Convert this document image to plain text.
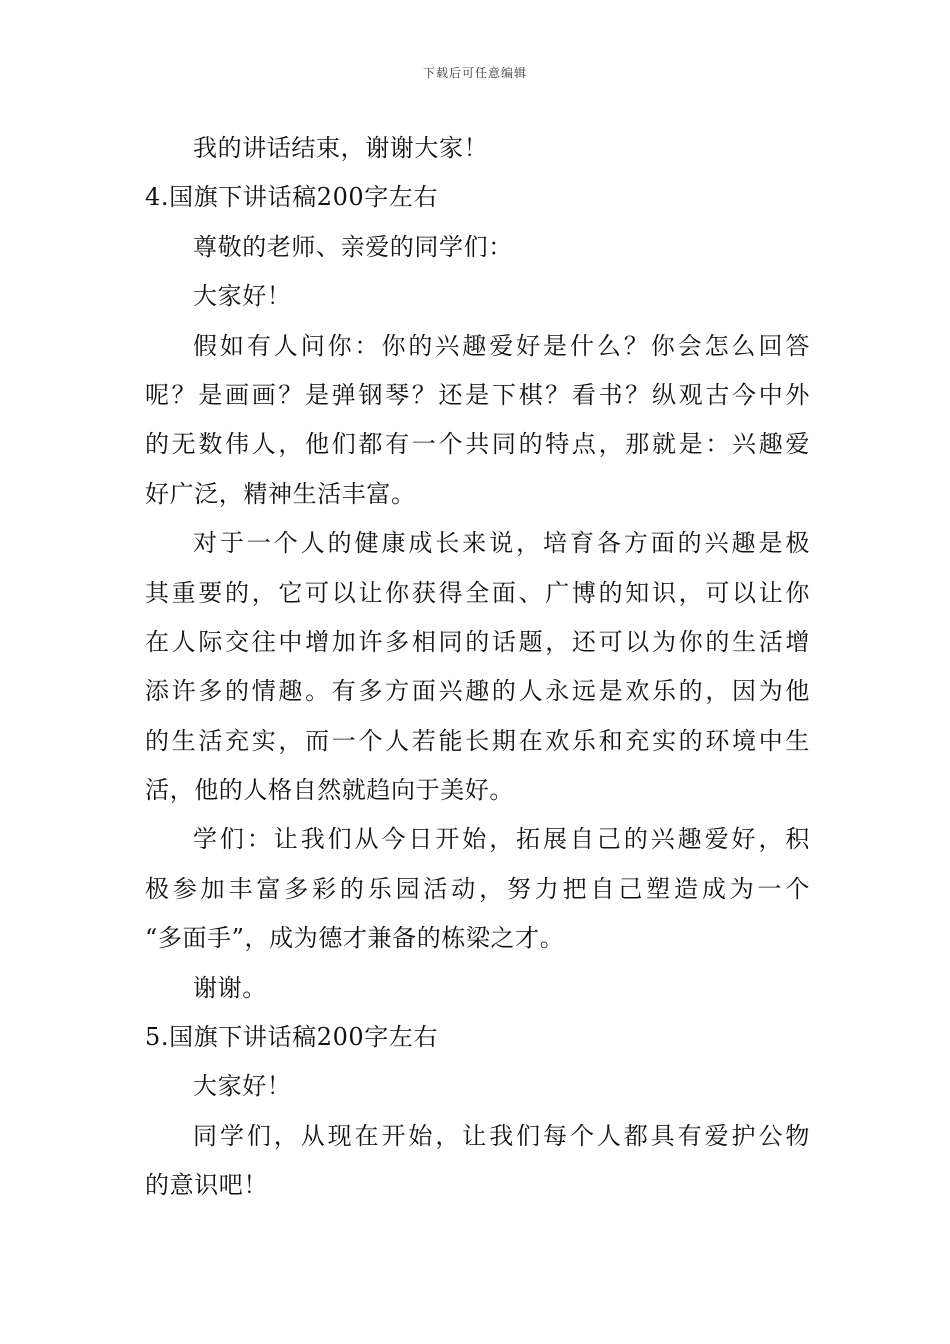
下载后可任意编辑
我的讲话结束，谢谢大家！
4.国旗下讲话稿200字左右
尊敬的老师、亲爱的同学们：
大家好！
假如有人问你：你的兴趣爱好是什么？你会怎么回答
呢？是画画？是弹钢琴？还是下棋？看书？纵观古今中外
的无数伟人，他们都有一个共同的特点，那就是：兴趣爱
好广泛，精神生活丰富。
对于一个人的健康成长来说，培育各方面的兴趣是极
其重要的，它可以让你获得全面、广博的知识，可以让你
在人际交往中增加许多相同的话题，还可以为你的生活增
添许多的情趣。有多方面兴趣的人永远是欢乐的，因为他
的生活充实，而一个人若能长期在欢乐和充实的环境中生
活，他的人格自然就趋向于美好。
学们：让我们从今日开始，拓展自己的兴趣爱好，积
极参加丰富多彩的乐园活动，努力把自己塑造成为一个
“多面手”，成为德才兼备的栋梁之才。
谢谢。
5.国旗下讲话稿200字左右
大家好！
同学们，从现在开始，让我们每个人都具有爱护公物
的意识吧！
